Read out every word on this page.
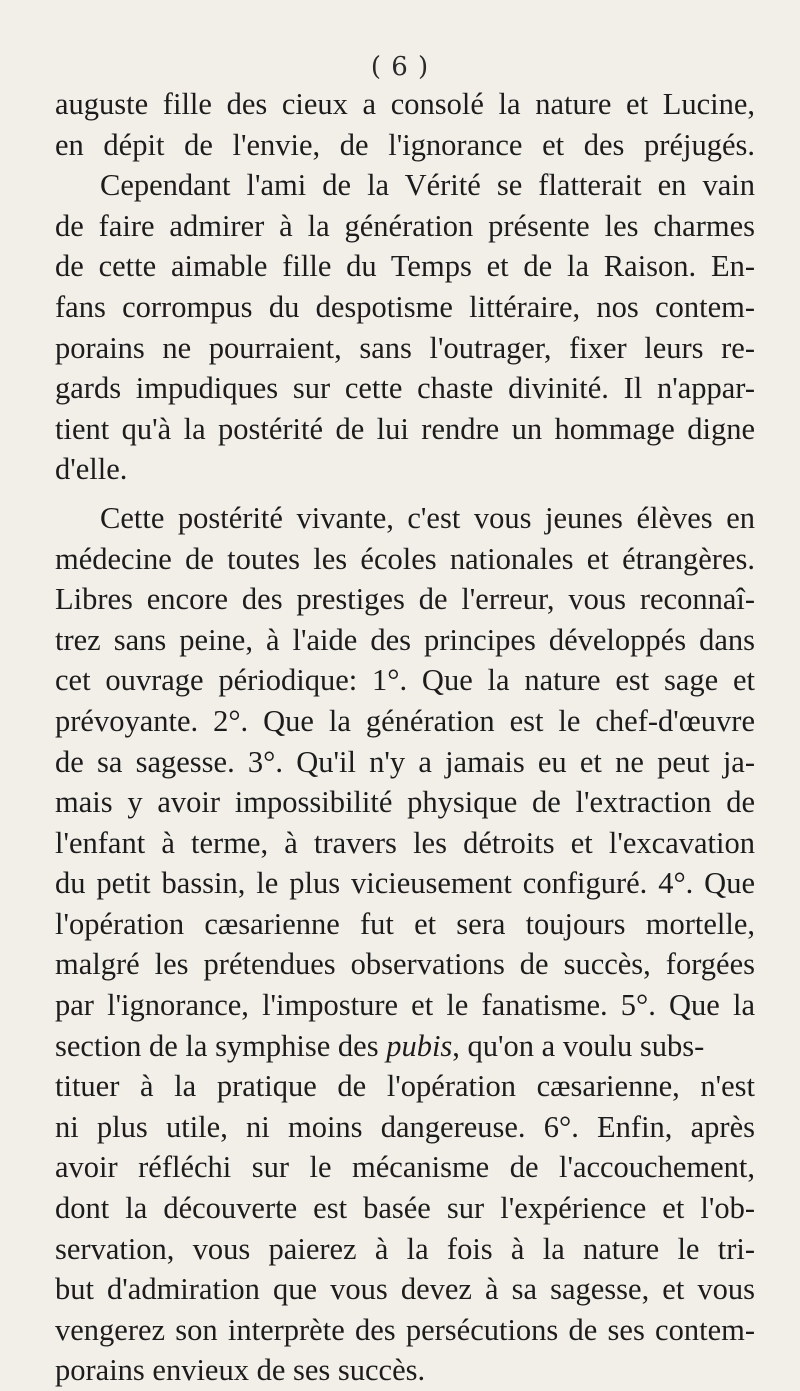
( 6 )
auguste fille des cieux a consolé la nature et Lucine,
en dépit de l'envie, de l'ignorance et des préjugés.
Cependant l'ami de la Vérité se flatterait en vain
de faire admirer à la génération présente les charmes
de cette aimable fille du Temps et de la Raison. En-
fans corrompus du despotisme littéraire, nos contem-
porains ne pourraient, sans l'outrager, fixer leurs re-
gards impudiques sur cette chaste divinité. Il n'appar-
tient qu'à la postérité de lui rendre un hommage digne
d'elle.
Cette postérité vivante, c'est vous jeunes élèves en
médecine de toutes les écoles nationales et étrangères.
Libres encore des prestiges de l'erreur, vous reconnaî-
trez sans peine, à l'aide des principes développés dans
cet ouvrage périodique: 1°. Que la nature est sage et
prévoyante. 2°. Que la génération est le chef-d'œuvre
de sa sagesse. 3°. Qu'il n'y a jamais eu et ne peut ja-
mais y avoir impossibilité physique de l'extraction de
l'enfant à terme, à travers les détroits et l'excavation
du petit bassin, le plus vicieusement configuré. 4°. Que
l'opération cæsarienne fut et sera toujours mortelle,
malgré les prétendues observations de succès, forgées
par l'ignorance, l'imposture et le fanatisme. 5°. Que la
section de la symphise des pubis, qu'on a voulu subs-
tituer à la pratique de l'opération cæsarienne, n'est
ni plus utile, ni moins dangereuse. 6°. Enfin, après
avoir réfléchi sur le mécanisme de l'accouchement,
dont la découverte est basée sur l'expérience et l'ob-
servation, vous paierez à la fois à la nature le tri-
but d'admiration que vous devez à sa sagesse, et vous
vengerez son interprète des persécutions de ses contem-
porains envieux de ses succès.
